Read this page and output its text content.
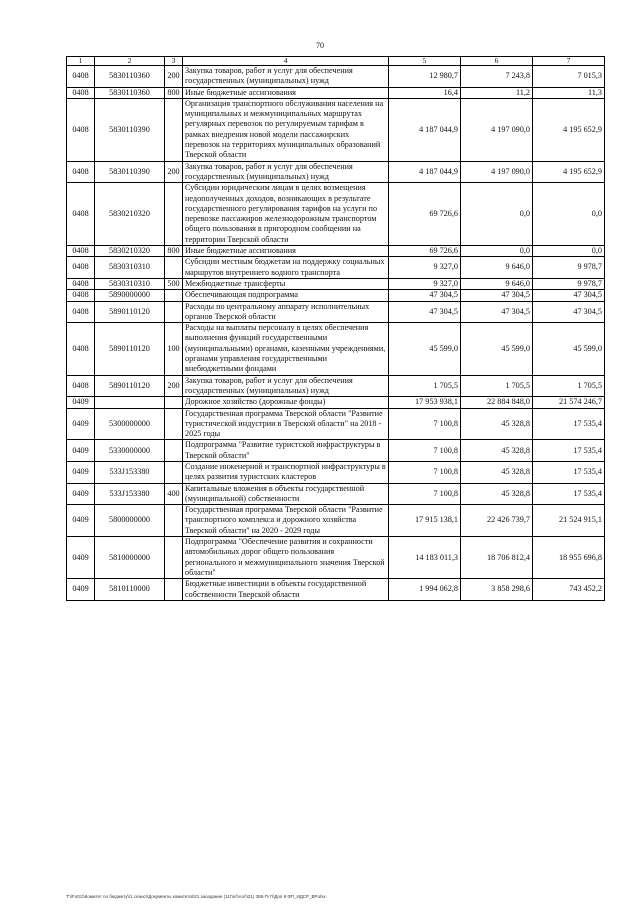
70
1	2	3	4	5	6	7
0408	5830110360	200	Закупка товаров, работ и услуг для обеспечения государственных (муниципальных) нужд	12 980,7	7 243,8	7 015,3
0408	5830110360	800	Иные бюджетные ассигнования	16,4	11,2	11,3
0408	5830110390		Организация транспортного обслуживания населения на муниципальных и межмуниципальных маршрутах регулярных перевозок по регулируемым тарифам в рамках внедрения новой модели пассажирских перевозок на территориях муниципальных образований Тверской области	4 187 044,9	4 197 090,0	4 195 652,9
0408	5830110390	200	Закупка товаров, работ и услуг для обеспечения государственных (муниципальных) нужд	4 187 044,9	4 197 090,0	4 195 652,9
0408	5830210320		Субсидии юридическим лицам в целях возмещения недополученных доходов, возникающих в результате государственного регулирования тарифов на услуги по перевозке пассажиров железнодорожным транспортом общего пользования в пригородном сообщении на территории Тверской области	69 726,6	0,0	0,0
0408	5830210320	800	Иные бюджетные ассигнования	69 726,6	0,0	0,0
0408	5830310310		Субсидии местным бюджетам на поддержку социальных маршрутов внутреннего водного транспорта	9 327,0	9 646,0	9 978,7
0408	5830310310	500	Межбюджетные трансферты	9 327,0	9 646,0	9 978,7
0408	5890000000		Обеспечивающая подпрограмма	47 304,5	47 304,5	47 304,5
0408	5890110120		Расходы по центральному аппарату исполнительных органов Тверской области	47 304,5	47 304,5	47 304,5
0408	5890110120	100	Расходы на выплаты персоналу в целях обеспечения выполнения функций государственными (муниципальными) органами, казенными учреждениями, органами управления государственными внебюджетными фондами	45 599,0	45 599,0	45 599,0
0408	5890110120	200	Закупка товаров, работ и услуг для обеспечения государственных (муниципальных) нужд	1 705,5	1 705,5	1 705,5
0409			Дорожное хозяйство (дорожные фонды)	17 953 938,1	22 884 848,0	21 574 246,7
0409	5300000000		Государственная программа Тверской области "Развитие туристической индустрии в Тверской области" на 2018 - 2025 годы	7 100,8	45 328,8	17 535,4
0409	5330000000		Подпрограмма "Развитие туристской инфраструктуры в Тверской области"	7 100,8	45 328,8	17 535,4
0409	533J153380		Создание инженерной и транспортной инфраструктуры в целях развития туристских кластеров	7 100,8	45 328,8	17 535,4
0409	533J153380	400	Капитальные вложения в объекты государственной (муниципальной) собственности	7 100,8	45 328,8	17 535,4
0409	5800000000		Государственная программа Тверской области "Развитие транспортного комплекса и дорожного хозяйства Тверской области" на 2020 - 2029 годы	17 915 138,1	22 426 739,7	21 524 915,1
0409	5810000000		Подпрограмма "Обеспечение развития и сохранности автомобильных дорог общего пользования регионального и межмуниципального значения Тверской области"	14 183 011,3	18 706 812,4	18 955 696,8
0409	5810110000		Бюджетные инвестиции в объекты государственной собственности Тверской области	1 994 062,8	3 858 298,6	743 452,2
T:\\Fo01\\Комитет по бюджету\\1 сеанс\\Документы комитета\\21 заседание (11Гаг\\Азг\\21) 385-П-7\\Доп 8 ФП_ИДСР_ВР.xlsx
